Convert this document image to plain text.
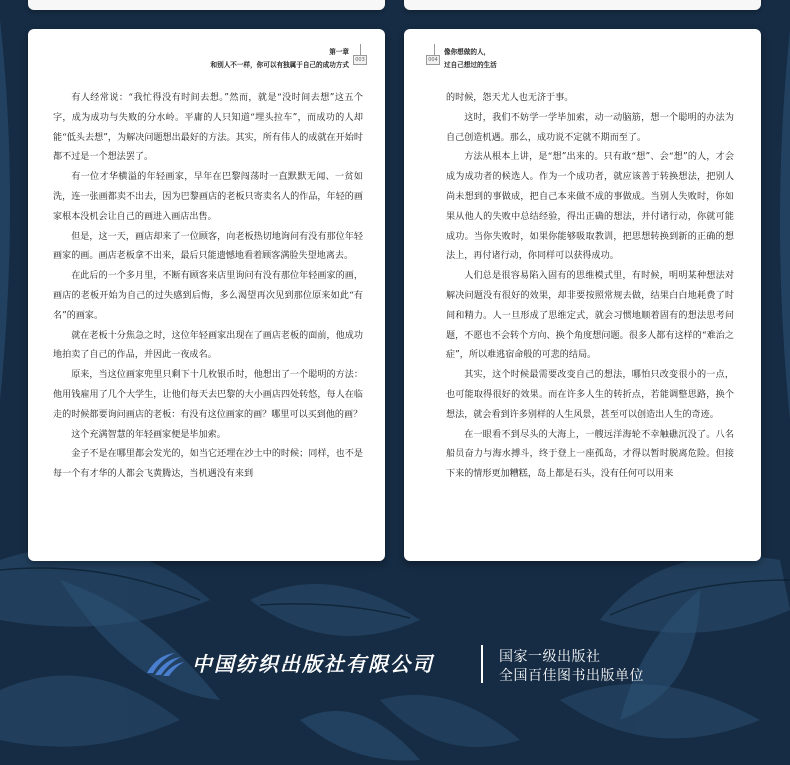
第一章
和别人不一样，你可以有独属于自己的成功方式
003

有人经常说：“我忙得没有时间去想。”然而，就是“没时间去想”这五个字，成为成功与失败的分水岭。平庸的人只知道“埋头拉车”，而成功的人却能“低头去想”，为解决问题想出最好的方法。其实，所有伟人的成就在开始时都不过是一个想法罢了。

有一位才华横溢的年轻画家，早年在巴黎闯荡时一直默默无闻、一贫如洗，连一张画都卖不出去，因为巴黎画店的老板只寄卖名人的作品，年轻的画家根本没机会让自己的画进入画店出售。

但是，这一天，画店却来了一位顾客，向老板热切地询问有没有那位年轻画家的画。画店老板拿不出来，最后只能遗憾地看着顾客满脸失望地离去。

在此后的一个多月里，不断有顾客来店里询问有没有那位年轻画家的画，画店的老板开始为自己的过失感到后悔，多么渴望再次见到那位原来如此“有名”的画家。

就在老板十分焦急之时，这位年轻画家出现在了画店老板的面前，他成功地拍卖了自己的作品，并因此一夜成名。

原来，当这位画家兜里只剩下十几枚银币时，他想出了一个聪明的方法：他用钱雇用了几个大学生，让他们每天去巴黎的大小画店四处转悠，每人在临走的时候都要询问画店的老板：有没有这位画家的画？哪里可以买到他的画？

这个充满智慧的年轻画家便是毕加索。

金子不是在哪里都会发光的，如当它还埋在沙土中的时候；同样，也不是每一个有才华的人都会飞黄腾达，当机遇没有来到

004
像你想做的人，
过自己想过的生活

的时候，怨天尤人也无济于事。

这时，我们不妨学一学毕加索，动一动脑筋，想一个聪明的办法为自己创造机遇。那么，成功说不定就不期而至了。

方法从根本上讲，是“想”出来的。只有敢“想”、会“想”的人，才会成为成功者的候选人。作为一个成功者，就应该善于转换想法，把别人尚未想到的事做成，把自己本来做不成的事做成。当别人失败时，你如果从他人的失败中总结经验，得出正确的想法，并付诸行动，你就可能成功。当你失败时，如果你能够吸取教训，把思想转换到新的正确的想法上，再付诸行动，你同样可以获得成功。

人们总是很容易陷入固有的思维模式里，有时候，明明某种想法对解决问题没有很好的效果，却非要按照常规去做，结果白白地耗费了时间和精力。人一旦形成了思维定式，就会习惯地顺着固有的想法思考问题，不愿也不会转个方向、换个角度想问题。很多人都有这样的“难治之症”，所以难逃宿命般的可悲的结局。

其实，这个时候最需要改变自己的想法，哪怕只改变很小的一点，也可能取得很好的效果。而在许多人生的转折点，若能调整思路，换个想法，就会看到许多别样的人生风景，甚至可以创造出人生的奇迹。

在一眼看不到尽头的大海上，一艘远洋海轮不幸触礁沉没了。八名船员奋力与海水搏斗，终于登上一座孤岛，才得以暂时脱离危险。但接下来的情形更加糟糕，岛上都是石头，没有任何可以用来

中国纺织出版社有限公司	国家一级出版社
全国百佳图书出版单位
